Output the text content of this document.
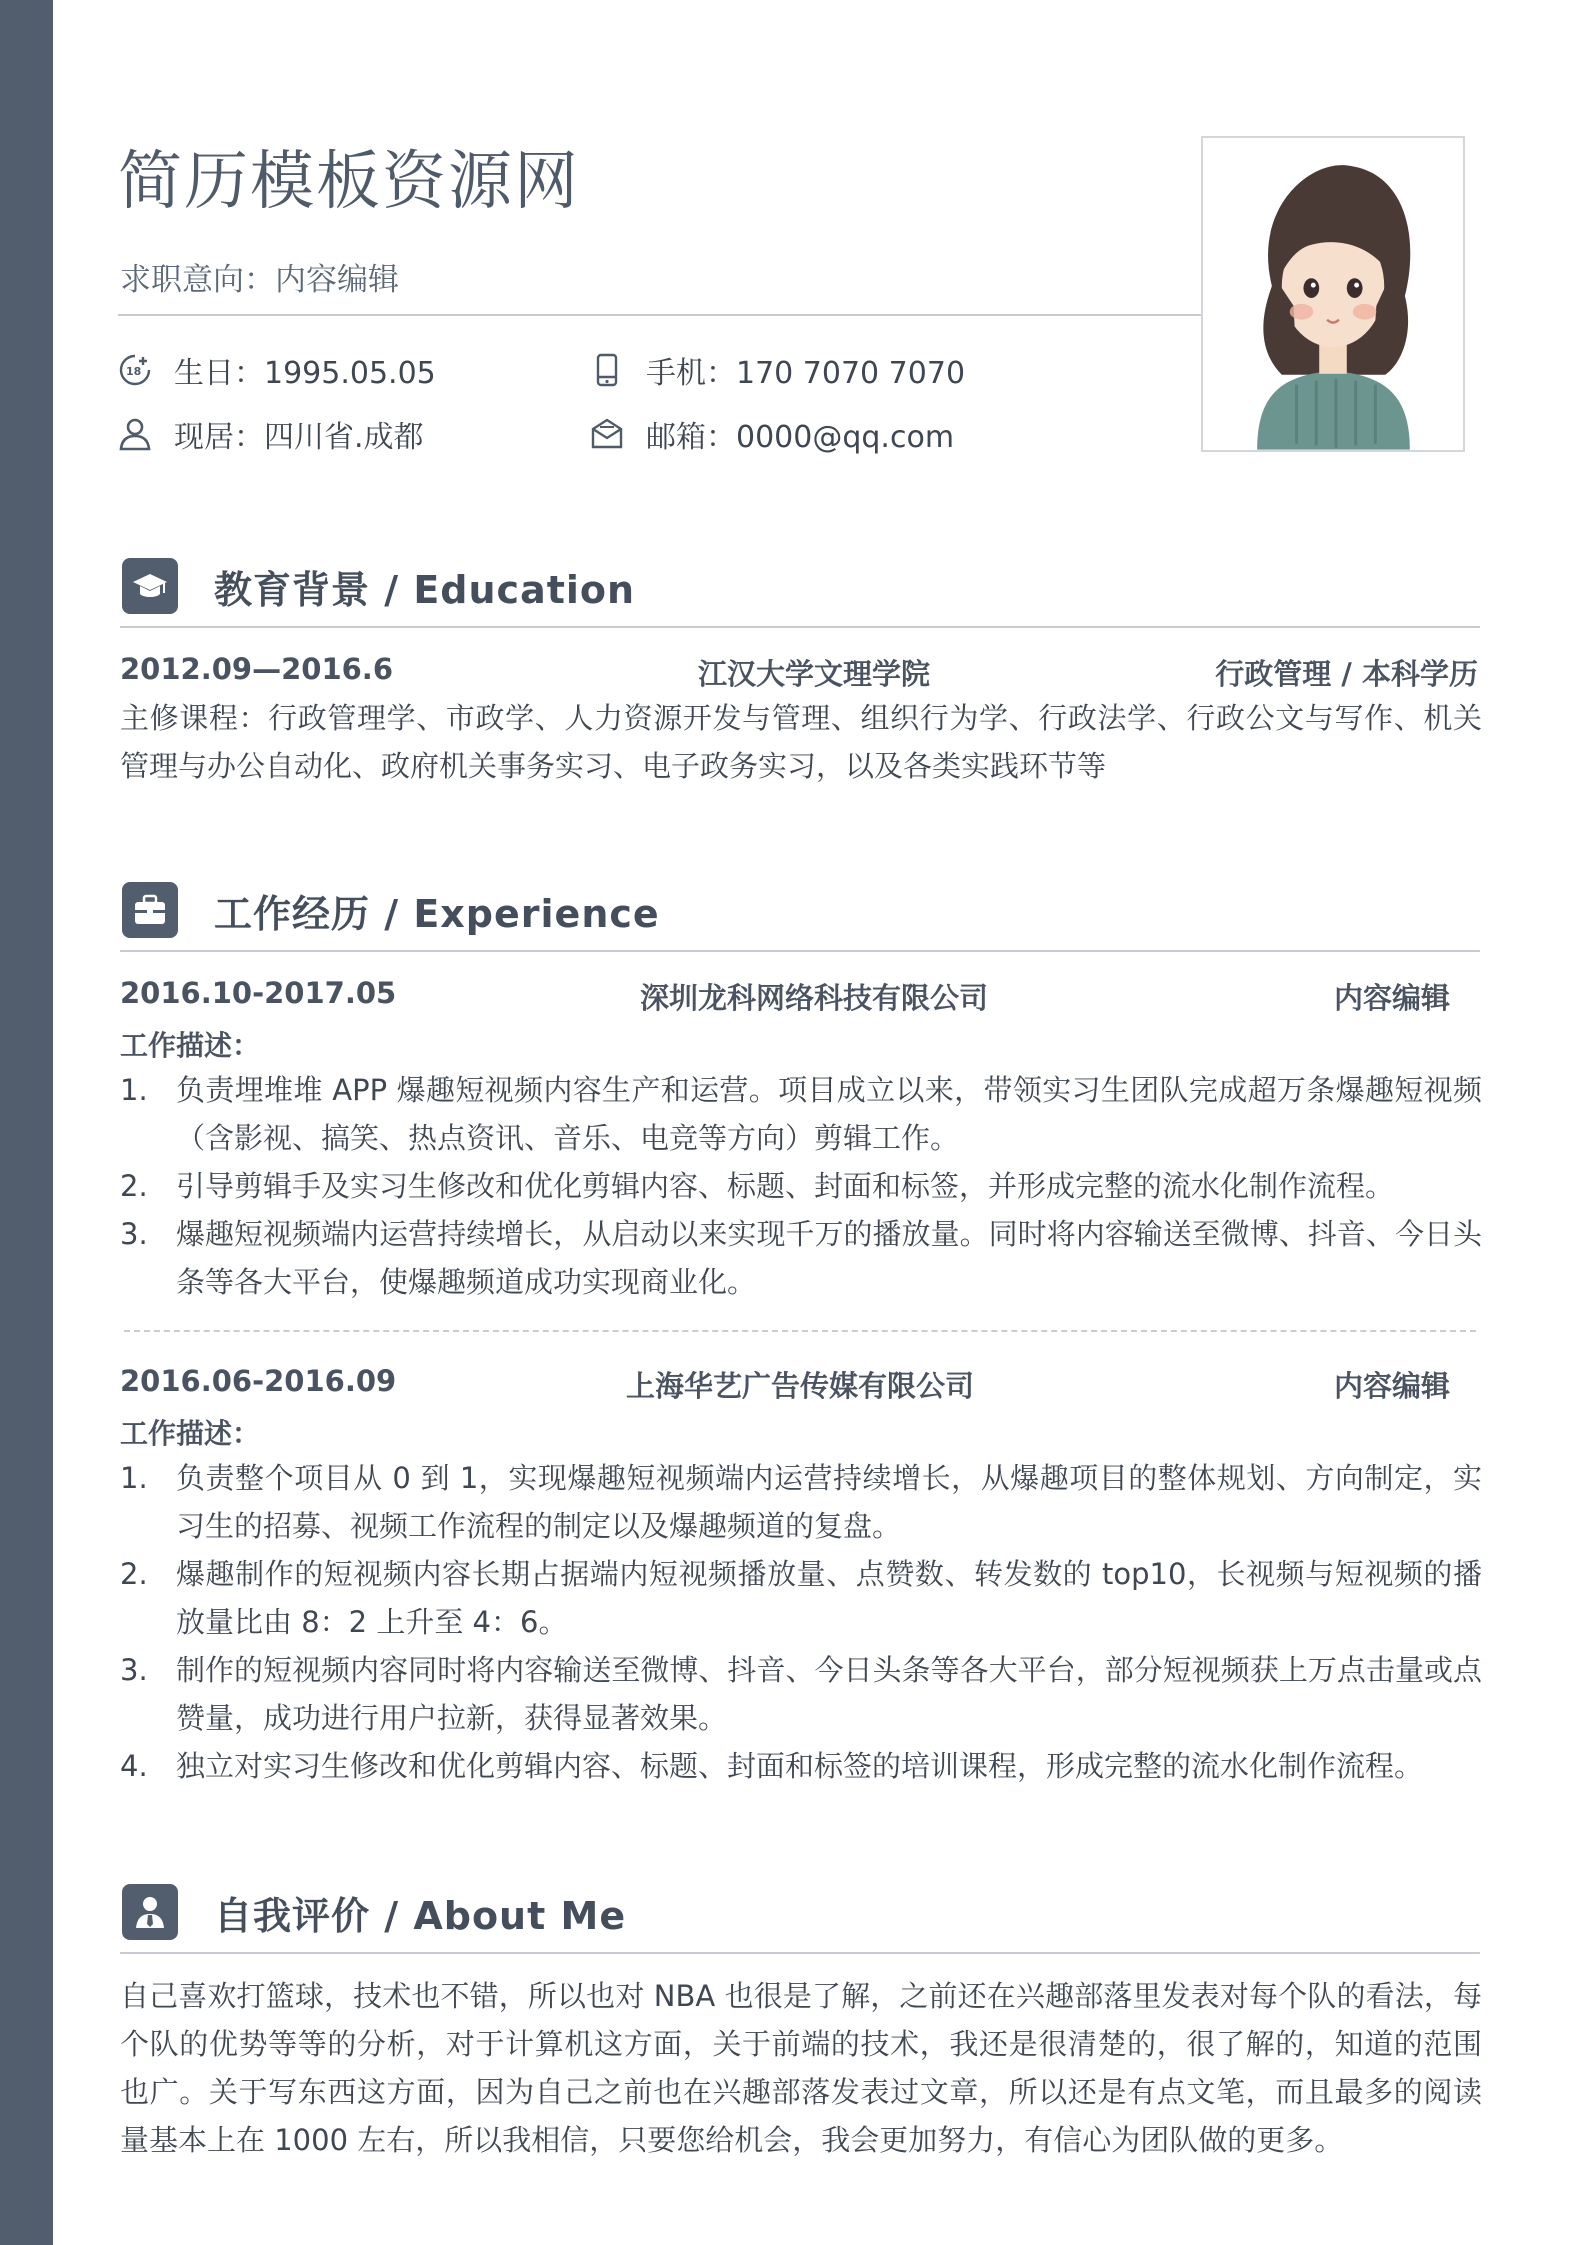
简历模板资源网
求职意向：内容编辑
18 生日：1995.05.05	手机：170 7070 7070
现居：四川省.成都	邮箱：0000@qq.com
教育背景 / Education
2012.09—2016.6	江汉大学文理学院	行政管理 / 本科学历
主修课程：行政管理学、市政学、人力资源开发与管理、组织行为学、行政法学、行政公文与写作、机关管理与办公自动化、政府机关事务实习、电子政务实习，以及各类实践环节等
工作经历 / Experience
2016.10-2017.05	深圳龙科网络科技有限公司	内容编辑
工作描述：
1. 负责埋堆堆 APP 爆趣短视频内容生产和运营。项目成立以来，带领实习生团队完成超万条爆趣短视频（含影视、搞笑、热点资讯、音乐、电竞等方向）剪辑工作。
2. 引导剪辑手及实习生修改和优化剪辑内容、标题、封面和标签，并形成完整的流水化制作流程。
3. 爆趣短视频端内运营持续增长，从启动以来实现千万的播放量。同时将内容输送至微博、抖音、今日头条等各大平台，使爆趣频道成功实现商业化。
2016.06-2016.09	上海华艺广告传媒有限公司	内容编辑
工作描述：
1. 负责整个项目从 0 到 1，实现爆趣短视频端内运营持续增长，从爆趣项目的整体规划、方向制定，实习生的招募、视频工作流程的制定以及爆趣频道的复盘。
2. 爆趣制作的短视频内容长期占据端内短视频播放量、点赞数、转发数的 top10，长视频与短视频的播放量比由 8：2 上升至 4：6。
3. 制作的短视频内容同时将内容输送至微博、抖音、今日头条等各大平台，部分短视频获上万点击量或点赞量，成功进行用户拉新，获得显著效果。
4. 独立对实习生修改和优化剪辑内容、标题、封面和标签的培训课程，形成完整的流水化制作流程。
自我评价 / About Me
自己喜欢打篮球，技术也不错，所以也对 NBA 也很是了解，之前还在兴趣部落里发表对每个队的看法，每个队的优势等等的分析，对于计算机这方面，关于前端的技术，我还是很清楚的，很了解的，知道的范围也广。关于写东西这方面，因为自己之前也在兴趣部落发表过文章，所以还是有点文笔，而且最多的阅读量基本上在 1000 左右，所以我相信，只要您给机会，我会更加努力，有信心为团队做的更多。
